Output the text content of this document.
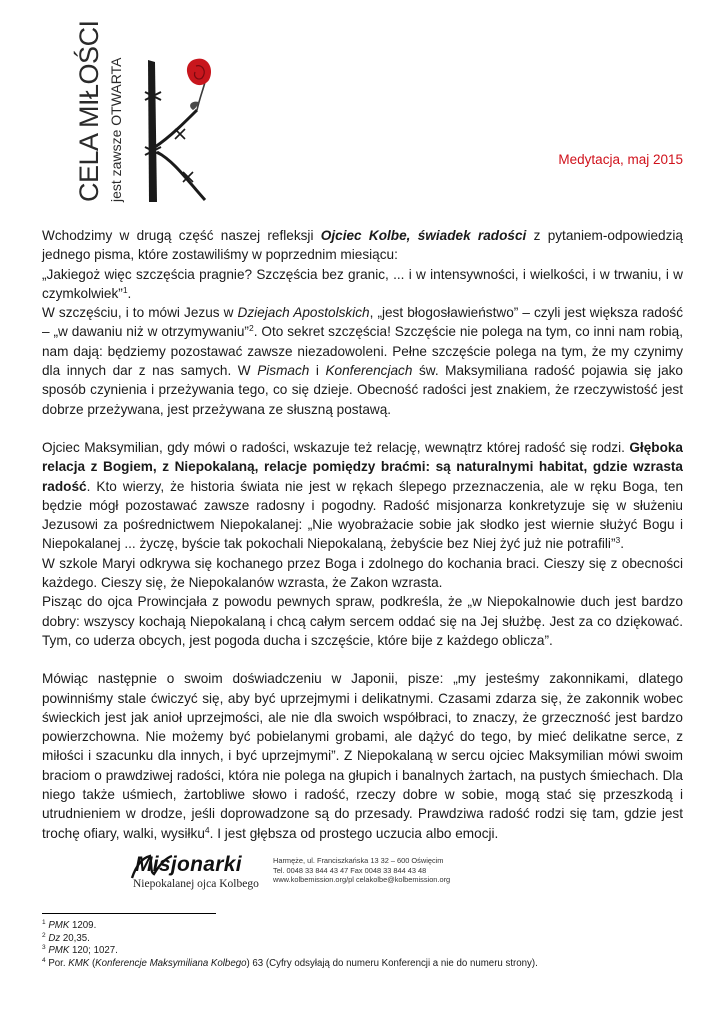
CELA MIŁOŚCI jest zawsze OTWARTA	Medytacja, maj 2015

Wchodzimy w drugą część naszej refleksji Ojciec Kolbe, świadek radości z pytaniem-odpowiedzią jednego pisma, które zostawiliśmy w poprzednim miesiącu:

„Jakiegoż więc szczęścia pragnie? Szczęścia bez granic, ... i w intensywności, i wielkości, i w trwaniu, i w czymkolwiek”$^1$.

W szczęściu, i to mówi Jezus w Dziejach Apostolskich, „jest błogosławieństwo” – czyli jest większa radość – „w dawaniu niż w otrzymywaniu”$^2$. Oto sekret szczęścia! Szczęście nie polega na tym, co inni nam robią, nam dają: będziemy pozostawać zawsze niezadowoleni. Pełne szczęście polega na tym, że my czynimy dla innych dar z nas samych. W Pismach i Konferencjach św. Maksymiliana radość pojawia się jako sposób czynienia i przeżywania tego, co się dzieje. Obecność radości jest znakiem, że rzeczywistość jest dobrze przeżywana, jest przeżywana ze słuszną postawą.

Ojciec Maksymilian, gdy mówi o radości, wskazuje też relację, wewnątrz której radość się rodzi. Głęboka relacja z Bogiem, z Niepokalaną, relacje pomiędzy braćmi: są naturalnymi habitat, gdzie wzrasta radość. Kto wierzy, że historia świata nie jest w rękach ślepego przeznaczenia, ale w ręku Boga, ten będzie mógł pozostawać zawsze radosny i pogodny. Radość misjonarza konkretyzuje się w służeniu Jezusowi za pośrednictwem Niepokalanej: „Nie wyobrażacie sobie jak słodko jest wiernie służyć Bogu i Niepokalanej ... życzę, byście tak pokochali Niepokalaną, żebyście bez Niej żyć już nie potrafili”$^3$.

W szkole Maryi odkrywa się kochanego przez Boga i zdolnego do kochania braci. Cieszy się z obecności każdego. Cieszy się, że Niepokalanów wzrasta, że Zakon wzrasta.

Pisząc do ojca Prowincjała z powodu pewnych spraw, podkreśla, że „w Niepokalnowie duch jest bardzo dobry: wszyscy kochają Niepokalaną i chcą całym sercem oddać się na Jej służbę. Jest za co dziękować. Tym, co uderza obcych, jest pogoda ducha i szczęście, które bije z każdego oblicza”.

Mówiąc następnie o swoim doświadczeniu w Japonii, pisze: „my jesteśmy zakonnikami, dlatego powinniśmy stale ćwiczyć się, aby być uprzejmymi i delikatnymi. Czasami zdarza się, że zakonnik wobec świeckich jest jak anioł uprzejmości, ale nie dla swoich współbraci, to znaczy, że grzeczność jest bardzo powierzchowna. Nie możemy być pobielanymi grobami, ale dążyć do tego, by mieć delikatne serce, z miłości i szacunku dla innych, i być uprzejmymi”. Z Niepokalaną w sercu ojciec Maksymilian mówi swoim braciom o prawdziwej radości, która nie polega na głupich i banalnych żartach, na pustych śmiechach. Dla niego także uśmiech, żartobliwe słowo i radość, rzeczy dobre w sobie, mogą stać się przeszkodą i utrudnieniem w drodze, jeśli doprowadzone są do przesady. Prawdziwa radość rodzi się tam, gdzie jest trochę ofiary, walki, wysiłku$^4$. I jest głębsza od prostego uczucia albo emocji.

Misjonarki
Niepokalanej ojca Kolbego
Harmęże, ul. Franciszkańska 13 32 – 600 Oświęcim
Tel. 0048 33 844 43 47 Fax 0048 33 844 43 48
www.kolbemission.org/pl celakolbe@kolbemission.org
$^1$ PMK 1209.
$^2$ Dz 20,35.
$^3$ PMK 120; 1027.
$^4$ Por. KMK (Konferencje Maksymiliana Kolbego) 63 (Cyfry odsyłają do numeru Konferencji a nie do numeru strony).
